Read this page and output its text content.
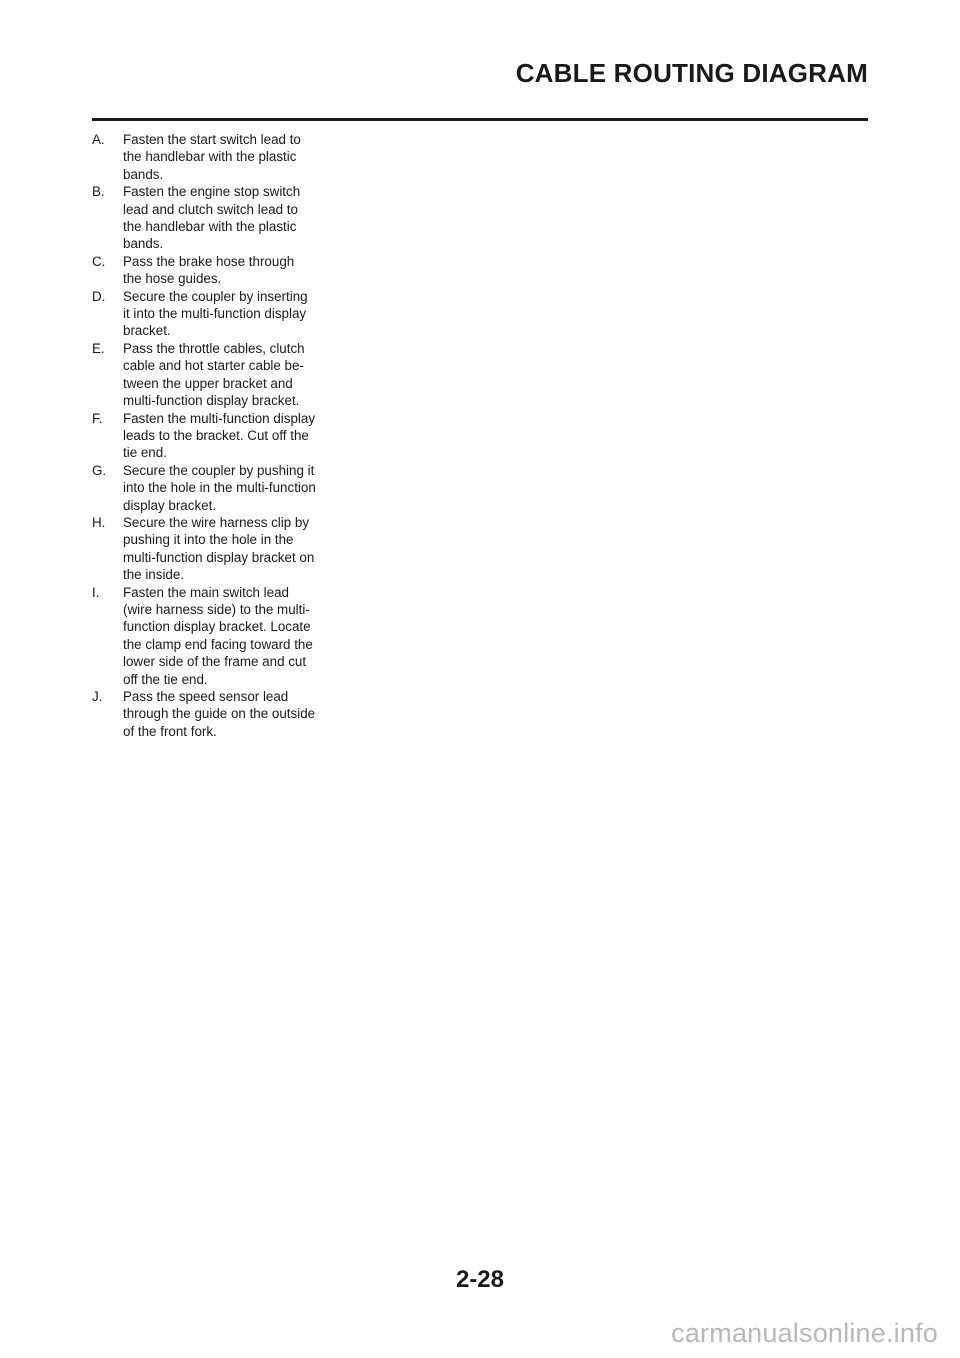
CABLE ROUTING DIAGRAM
A.	Fasten the start switch lead to
the handlebar with the plastic
bands.
B.	Fasten the engine stop switch
lead and clutch switch lead to
the handlebar with the plastic
bands.
C.	Pass the brake hose through
the hose guides.
D.	Secure the coupler by inserting
it into the multi-function display
bracket.
E.	Pass the throttle cables, clutch
cable and hot starter cable be-
tween the upper bracket and
multi-function display bracket.
F.	Fasten the multi-function display
leads to the bracket. Cut off the
tie end.
G.	Secure the coupler by pushing it
into the hole in the multi-function
display bracket.
H.	Secure the wire harness clip by
pushing it into the hole in the
multi-function display bracket on
the inside.
I.	Fasten the main switch lead
(wire harness side) to the multi-
function display bracket. Locate
the clamp end facing toward the
lower side of the frame and cut
off the tie end.
J.	Pass the speed sensor lead
through the guide on the outside
of the front fork.
2-28
carmanualsonline.info
